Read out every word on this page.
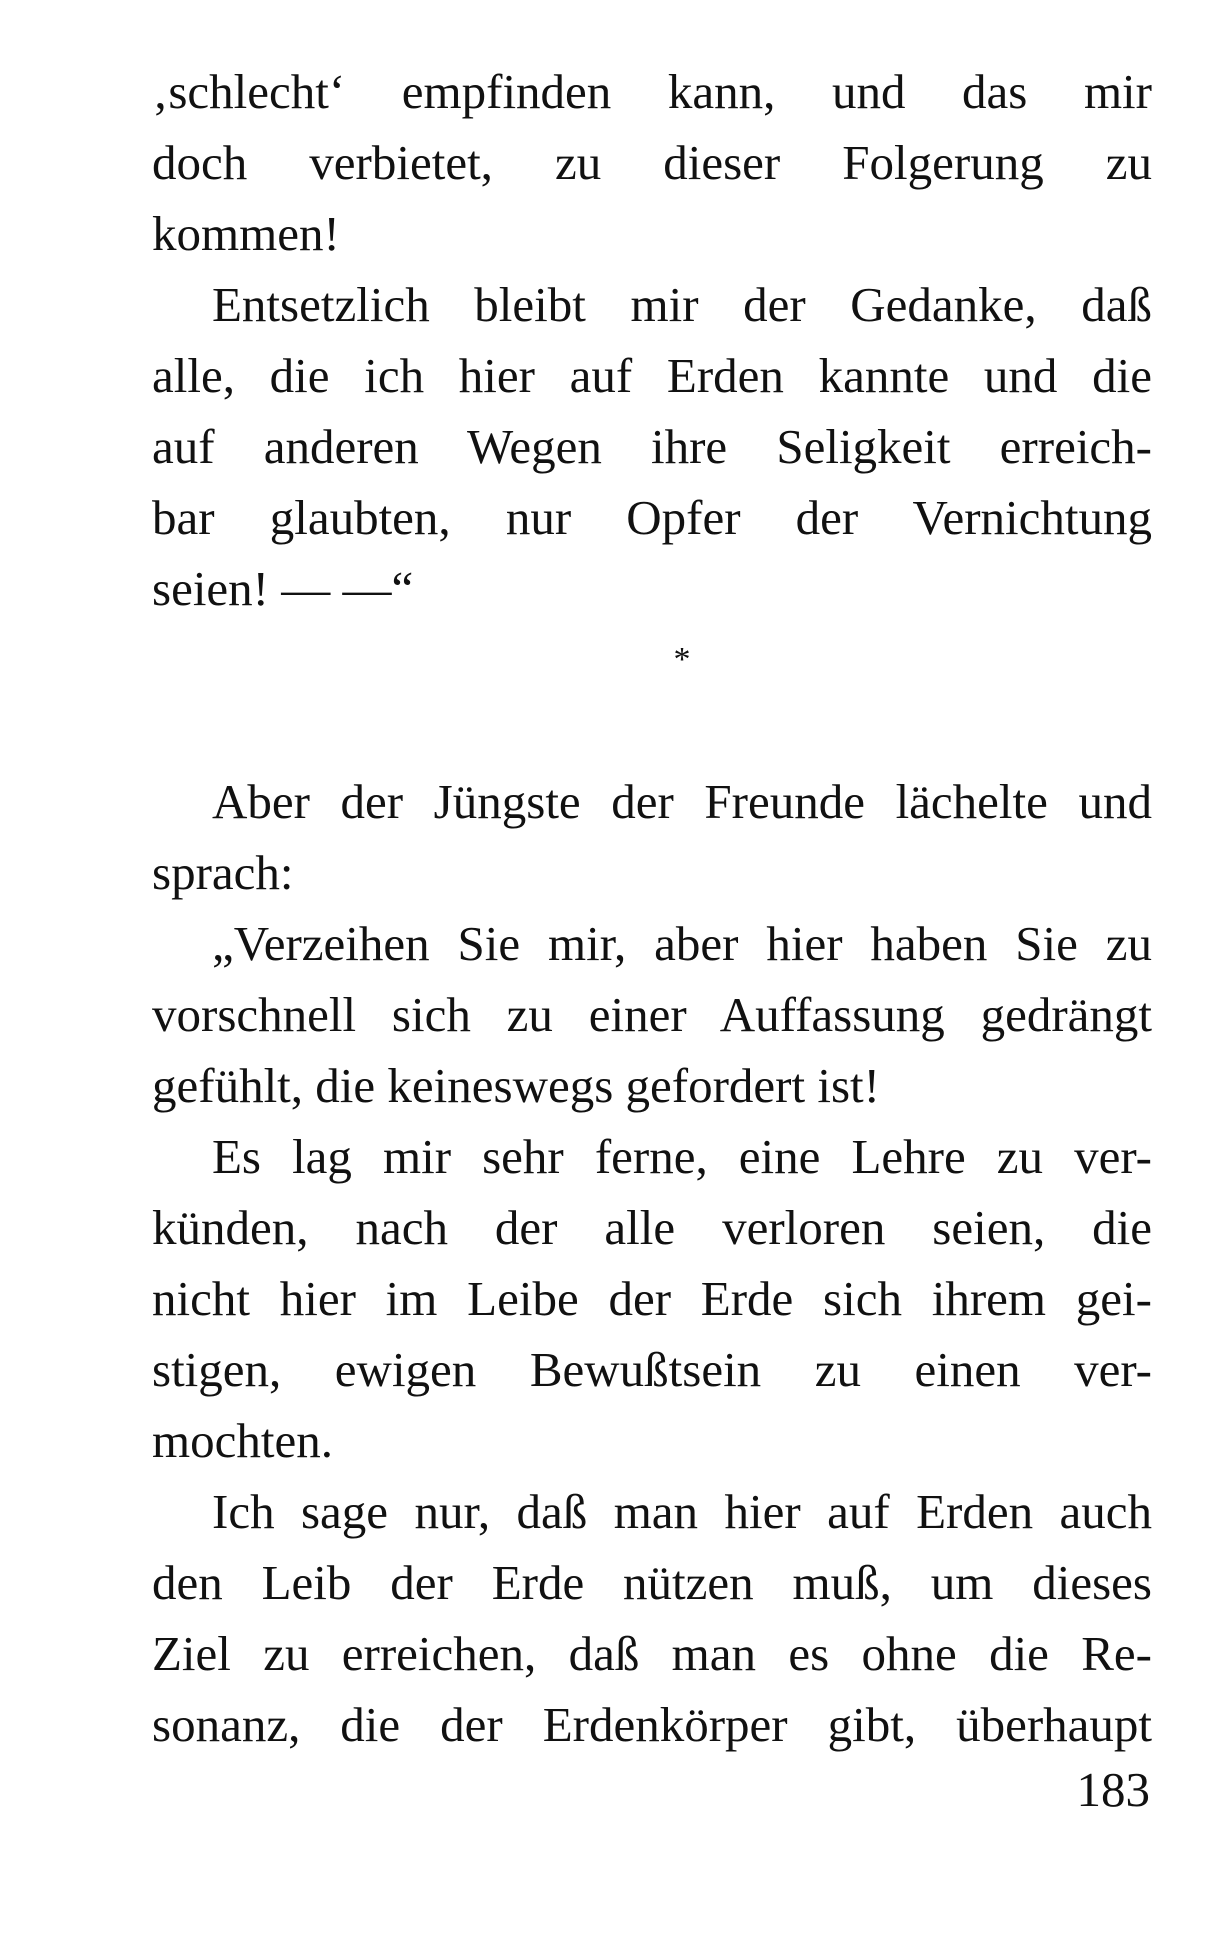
‚schlecht‘ empfinden kann, und das mir
doch verbietet, zu dieser Folgerung zu
kommen!
Entsetzlich bleibt mir der Gedanke, daß
alle, die ich hier auf Erden kannte und die
auf anderen Wegen ihre Seligkeit erreich-
bar glaubten, nur Opfer der Vernichtung
seien! — —“
*
Aber der Jüngste der Freunde lächelte und
sprach:
„Verzeihen Sie mir, aber hier haben Sie zu
vorschnell sich zu einer Auffassung gedrängt
gefühlt, die keineswegs gefordert ist!
Es lag mir sehr ferne, eine Lehre zu ver-
künden, nach der alle verloren seien, die
nicht hier im Leibe der Erde sich ihrem gei-
stigen, ewigen Bewußtsein zu einen ver-
mochten.
Ich sage nur, daß man hier auf Erden auch
den Leib der Erde nützen muß, um dieses
Ziel zu erreichen, daß man es ohne die Re-
sonanz, die der Erdenkörper gibt, überhaupt
183
